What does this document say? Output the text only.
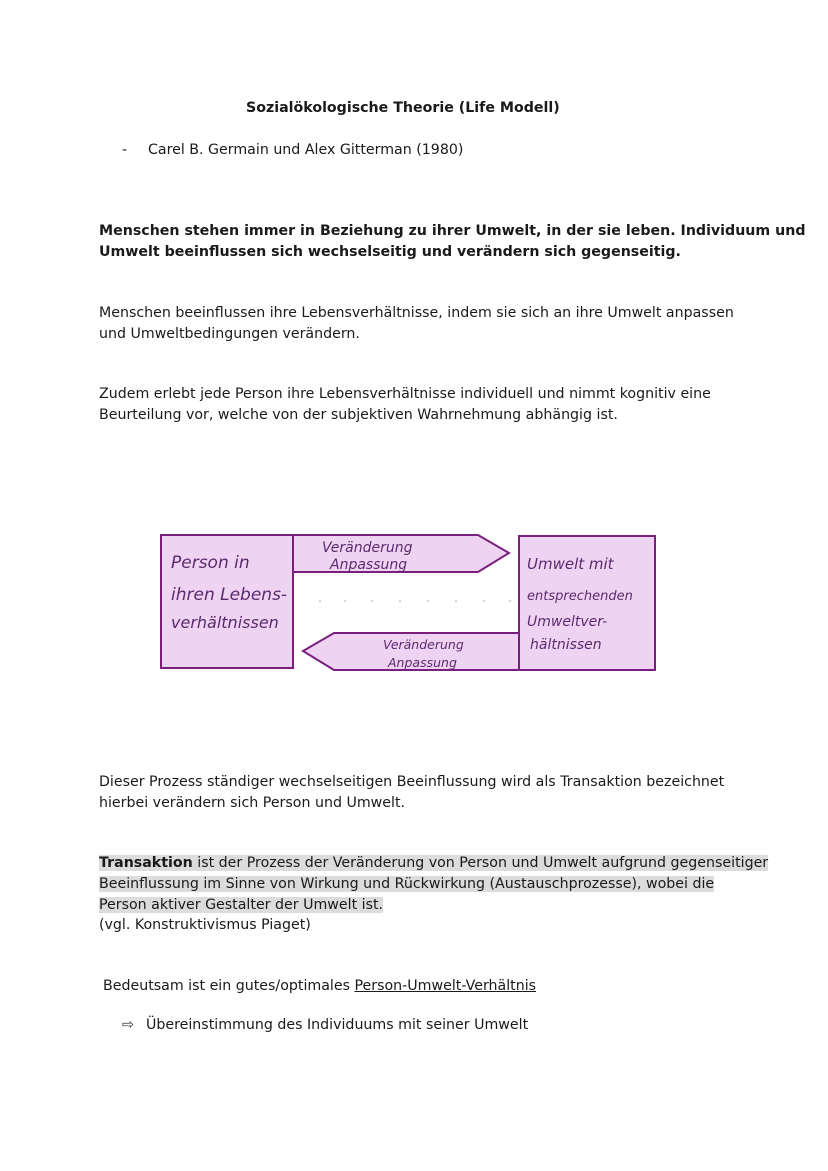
Sozialökologische Theorie (Life Modell)
- Carel B. Germain und Alex Gitterman (1980)
Menschen stehen immer in Beziehung zu ihrer Umwelt, in der sie leben. Individuum und
Umwelt beeinflussen sich wechselseitig und verändern sich gegenseitig.
Menschen beeinflussen ihre Lebensverhältnisse, indem sie sich an ihre Umwelt anpassen
und Umweltbedingungen verändern.
Zudem erlebt jede Person ihre Lebensverhältnisse individuell und nimmt kognitiv eine
Beurteilung vor, welche von der subjektiven Wahrnehmung abhängig ist.
Person in
ihren Lebens-
verhältnissen
Veränderung
Anpassung
Veränderung
Anpassung
Umwelt mit
entsprechenden
Umweltver-
hältnissen
Dieser Prozess ständiger wechselseitigen Beeinflussung wird als Transaktion bezeichnet
hierbei verändern sich Person und Umwelt.
Transaktion ist der Prozess der Veränderung von Person und Umwelt aufgrund gegenseitiger
Beeinflussung im Sinne von Wirkung und Rückwirkung (Austauschprozesse), wobei die
Person aktiver Gestalter der Umwelt ist.
(vgl. Konstruktivismus Piaget)
Bedeutsam ist ein gutes/optimales Person-Umwelt-Verhältnis
⇨ Übereinstimmung des Individuums mit seiner Umwelt
